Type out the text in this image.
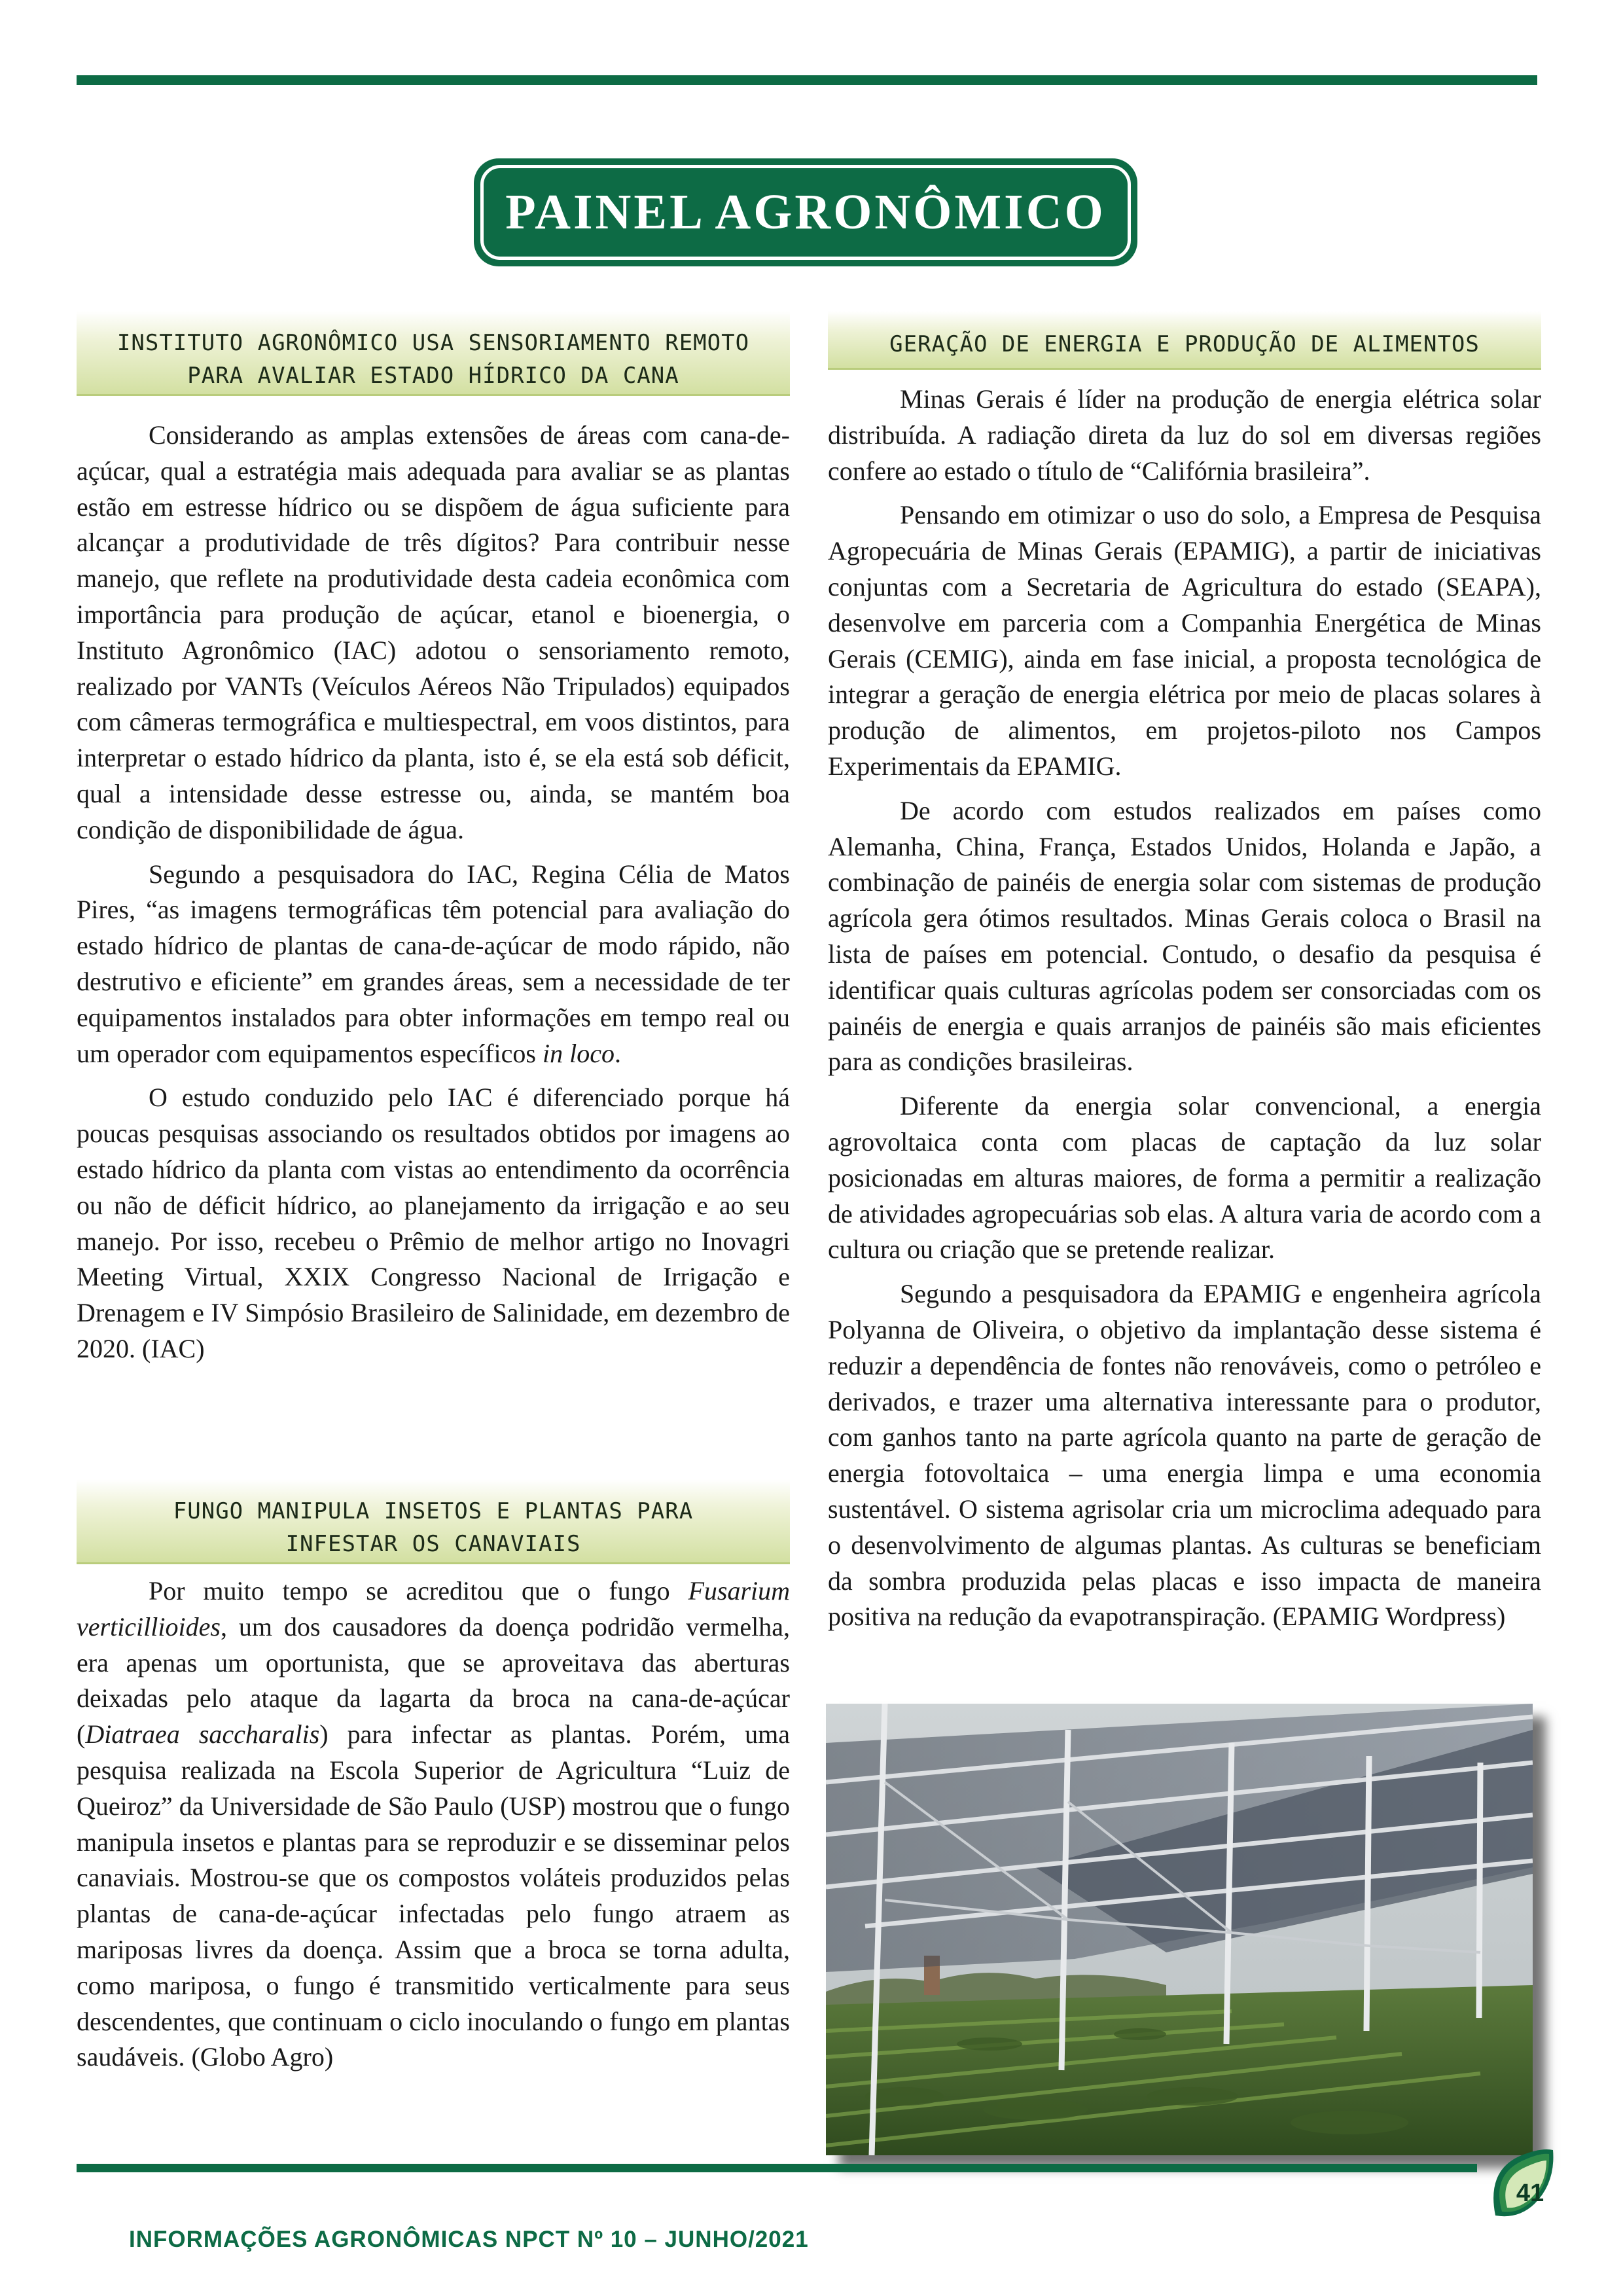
PAINEL AGRONÔMICO
INSTITUTO AGRONÔMICO USA SENSORIAMENTO REMOTO
PARA AVALIAR ESTADO HÍDRICO DA CANA

Considerando as amplas extensões de áreas com cana-de-açúcar, qual a estratégia mais adequada para avaliar se as plantas estão em estresse hídrico ou se dispõem de água suficiente para alcançar a produtividade de três dígitos? Para contribuir nesse manejo, que reflete na produtividade desta cadeia econômica com importância para produção de açúcar, etanol e bioenergia, o Instituto Agronômico (IAC) adotou o sensoriamento remoto, realizado por VANTs (Veículos Aéreos Não Tripulados) equipados com câmeras termográfica e multiespectral, em voos distintos, para interpretar o estado hídrico da planta, isto é, se ela está sob déficit, qual a intensidade desse estresse ou, ainda, se mantém boa condição de disponibilidade de água.

Segundo a pesquisadora do IAC, Regina Célia de Matos Pires, “as imagens termográficas têm potencial para avaliação do estado hídrico de plantas de cana-de-açúcar de modo rápido, não destrutivo e eficiente” em grandes áreas, sem a necessidade de ter equipamentos instalados para obter informações em tempo real ou um operador com equipamentos específicos in loco.

O estudo conduzido pelo IAC é diferenciado porque há poucas pesquisas associando os resultados obtidos por imagens ao estado hídrico da planta com vistas ao entendimento da ocorrência ou não de déficit hídrico, ao planejamento da irrigação e ao seu manejo. Por isso, recebeu o Prêmio de melhor artigo no Inovagri Meeting Virtual, XXIX Congresso Nacional de Irrigação e Drenagem e IV Simpósio Brasileiro de Salinidade, em dezembro de 2020. (IAC)

FUNGO MANIPULA INSETOS E PLANTAS PARA
INFESTAR OS CANAVIAIS

Por muito tempo se acreditou que o fungo Fusarium verticillioides, um dos causadores da doença podridão vermelha, era apenas um oportunista, que se aproveitava das aberturas deixadas pelo ataque da lagarta da broca na cana-de-açúcar (Diatraea saccharalis) para infectar as plantas. Porém, uma pesquisa realizada na Escola Superior de Agricultura “Luiz de Queiroz” da Universidade de São Paulo (USP) mostrou que o fungo manipula insetos e plantas para se reproduzir e se disseminar pelos canaviais. Mostrou-se que os compostos voláteis produzidos pelas plantas de cana-de-açúcar infectadas pelo fungo atraem as mariposas livres da doença. Assim que a broca se torna adulta, como mariposa, o fungo é transmitido verticalmente para seus descendentes, que continuam o ciclo inoculando o fungo em plantas saudáveis. (Globo Agro)

GERAÇÃO DE ENERGIA E PRODUÇÃO DE ALIMENTOS

Minas Gerais é líder na produção de energia elétrica solar distribuída. A radiação direta da luz do sol em diversas regiões confere ao estado o título de “Califórnia brasileira”.

Pensando em otimizar o uso do solo, a Empresa de Pesquisa Agropecuária de Minas Gerais (EPAMIG), a partir de iniciativas conjuntas com a Secretaria de Agricultura do estado (SEAPA), desenvolve em parceria com a Companhia Energética de Minas Gerais (CEMIG), ainda em fase inicial, a proposta tecnológica de integrar a geração de energia elétrica por meio de placas solares à produção de alimentos, em projetos-piloto nos Campos Experimentais da EPAMIG.

De acordo com estudos realizados em países como Alemanha, China, França, Estados Unidos, Holanda e Japão, a combinação de painéis de energia solar com sistemas de produção agrícola gera ótimos resultados. Minas Gerais coloca o Brasil na lista de países em potencial. Contudo, o desafio da pesquisa é identificar quais culturas agrícolas podem ser consorciadas com os painéis de energia e quais arranjos de painéis são mais eficientes para as condições brasileiras.

Diferente da energia solar convencional, a energia agrovoltaica conta com placas de captação da luz solar posicionadas em alturas maiores, de forma a permitir a realização de atividades agropecuárias sob elas. A altura varia de acordo com a cultura ou criação que se pretende realizar.

Segundo a pesquisadora da EPAMIG e engenheira agrícola Polyanna de Oliveira, o objetivo da implantação desse sistema é reduzir a dependência de fontes não renováveis, como o petróleo e derivados, e trazer uma alternativa interessante para o produtor, com ganhos tanto na parte agrícola quanto na parte de geração de energia fotovoltaica – uma energia limpa e uma economia sustentável. O sistema agrisolar cria um microclima adequado para o desenvolvimento de algumas plantas. As culturas se beneficiam da sombra produzida pelas placas e isso impacta de maneira positiva na redução da evapotranspiração. (EPAMIG Wordpress)

41
INFORMAÇÕES AGRONÔMICAS NPCT Nº 10 – JUNHO/2021
